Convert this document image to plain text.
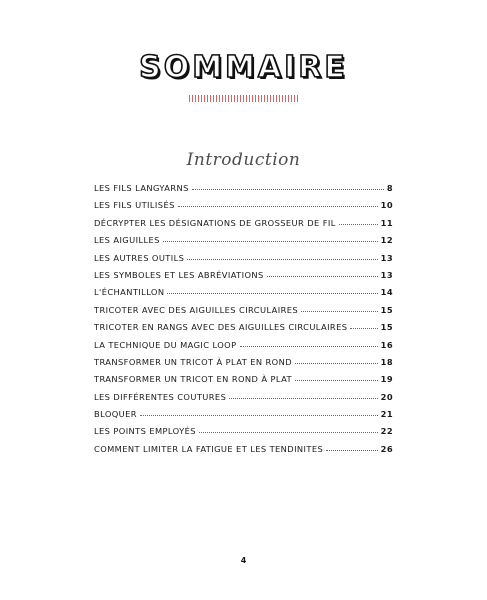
SOMMAIRE
Introduction
LES FILS LANGYARNS	8
LES FILS UTILISÉS	10
DÉCRYPTER LES DÉSIGNATIONS DE GROSSEUR DE FIL	11
LES AIGUILLES	12
LES AUTRES OUTILS	13
LES SYMBOLES ET LES ABRÉVIATIONS	13
L'ÉCHANTILLON	14
TRICOTER AVEC DES AIGUILLES CIRCULAIRES	15
TRICOTER EN RANGS AVEC DES AIGUILLES CIRCULAIRES	15
LA TECHNIQUE DU MAGIC LOOP	16
TRANSFORMER UN TRICOT À PLAT EN ROND	18
TRANSFORMER UN TRICOT EN ROND À PLAT	19
LES DIFFÉRENTES COUTURES	20
BLOQUER	21
LES POINTS EMPLOYÉS	22
COMMENT LIMITER LA FATIGUE ET LES TENDINITES	26
4
